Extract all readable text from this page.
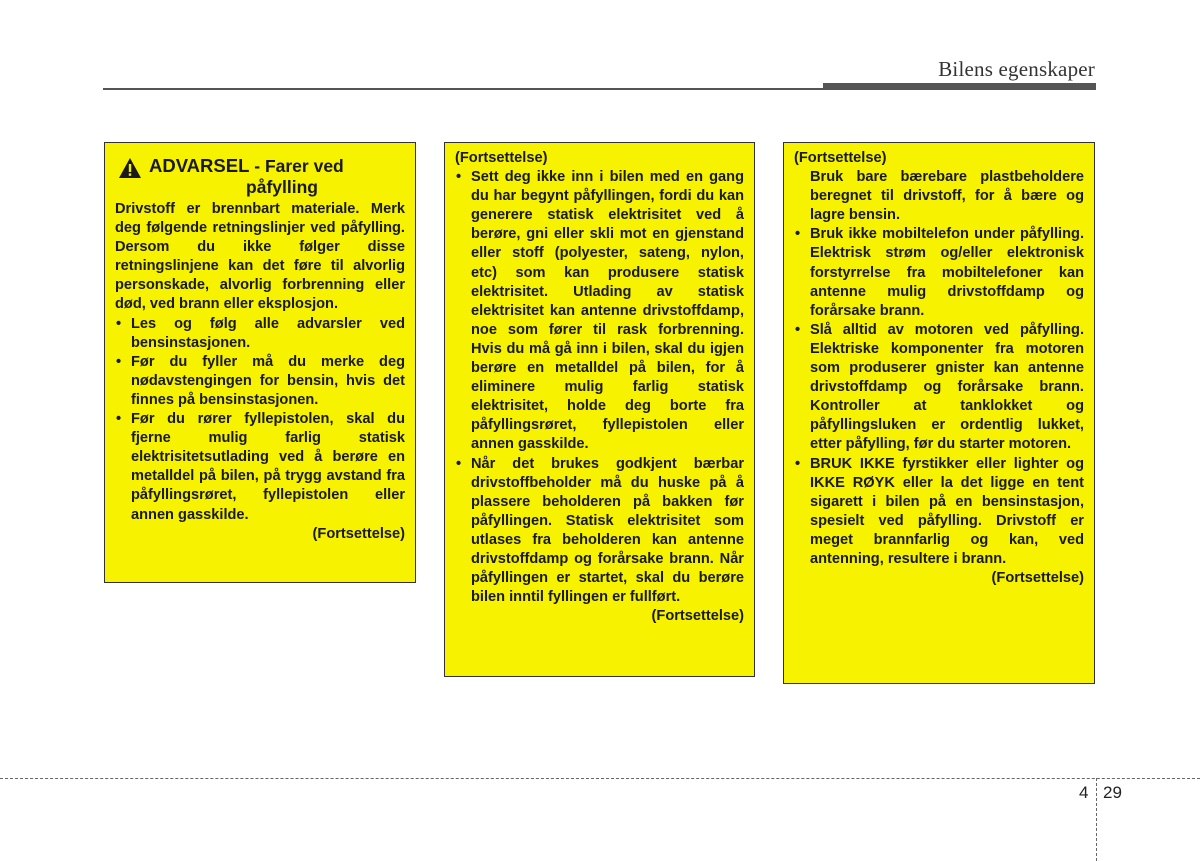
Bilens egenskaper
ADVARSEL - Farer ved
påfylling

Drivstoff er brennbart materiale. Merk deg følgende retningslinjer ved påfylling. Dersom du ikke følger disse retningslinjene kan det føre til alvorlig personskade, alvorlig forbrenning eller død, ved brann eller eksplosjon.

• Les og følg alle advarsler ved bensinstasjonen.
• Før du fyller må du merke deg nødavstengingen for bensin, hvis det finnes på bensinstasjonen.
• Før du rører fyllepistolen, skal du fjerne mulig farlig statisk elektrisitetsutlading ved å berøre en metalldel på bilen, på trygg avstand fra påfyllingsrøret, fyllepistolen eller annen gasskilde.

(Fortsettelse)

(Fortsettelse)

• Sett deg ikke inn i bilen med en gang du har begynt påfyllingen, fordi du kan generere statisk elektrisitet ved å berøre, gni eller skli mot en gjenstand eller stoff (polyester, sateng, nylon, etc) som kan produsere statisk elektrisitet. Utlading av statisk elektrisitet kan antenne drivstoffdamp, noe som fører til rask forbrenning. Hvis du må gå inn i bilen, skal du igjen berøre en metalldel på bilen, for å eliminere mulig farlig statisk elektrisitet, holde deg borte fra påfyllingsrøret, fyllepistolen eller annen gasskilde.
• Når det brukes godkjent bærbar drivstoffbeholder må du huske på å plassere beholderen på bakken før påfyllingen. Statisk elektrisitet som utlases fra beholderen kan antenne drivstoffdamp og forårsake brann. Når påfyllingen er startet, skal du berøre bilen inntil fyllingen er fullført.

(Fortsettelse)

(Fortsettelse)

Bruk bare bærebare plastbeholdere beregnet til drivstoff, for å bære og lagre bensin.

• Bruk ikke mobiltelefon under påfylling. Elektrisk strøm og/eller elektronisk forstyrrelse fra mobiltelefoner kan antenne mulig drivstoffdamp og forårsake brann.
• Slå alltid av motoren ved påfylling. Elektriske komponenter fra motoren som produserer gnister kan antenne drivstoffdamp og forårsake brann. Kontroller at tanklokket og påfyllingsluken er ordentlig lukket, etter påfylling, før du starter motoren.
• BRUK IKKE fyrstikker eller lighter og IKKE RØYK eller la det ligge en tent sigarett i bilen på en bensinstasjon, spesielt ved påfylling. Drivstoff er meget brannfarlig og kan, ved antenning, resultere i brann.

(Fortsettelse)

4 29
